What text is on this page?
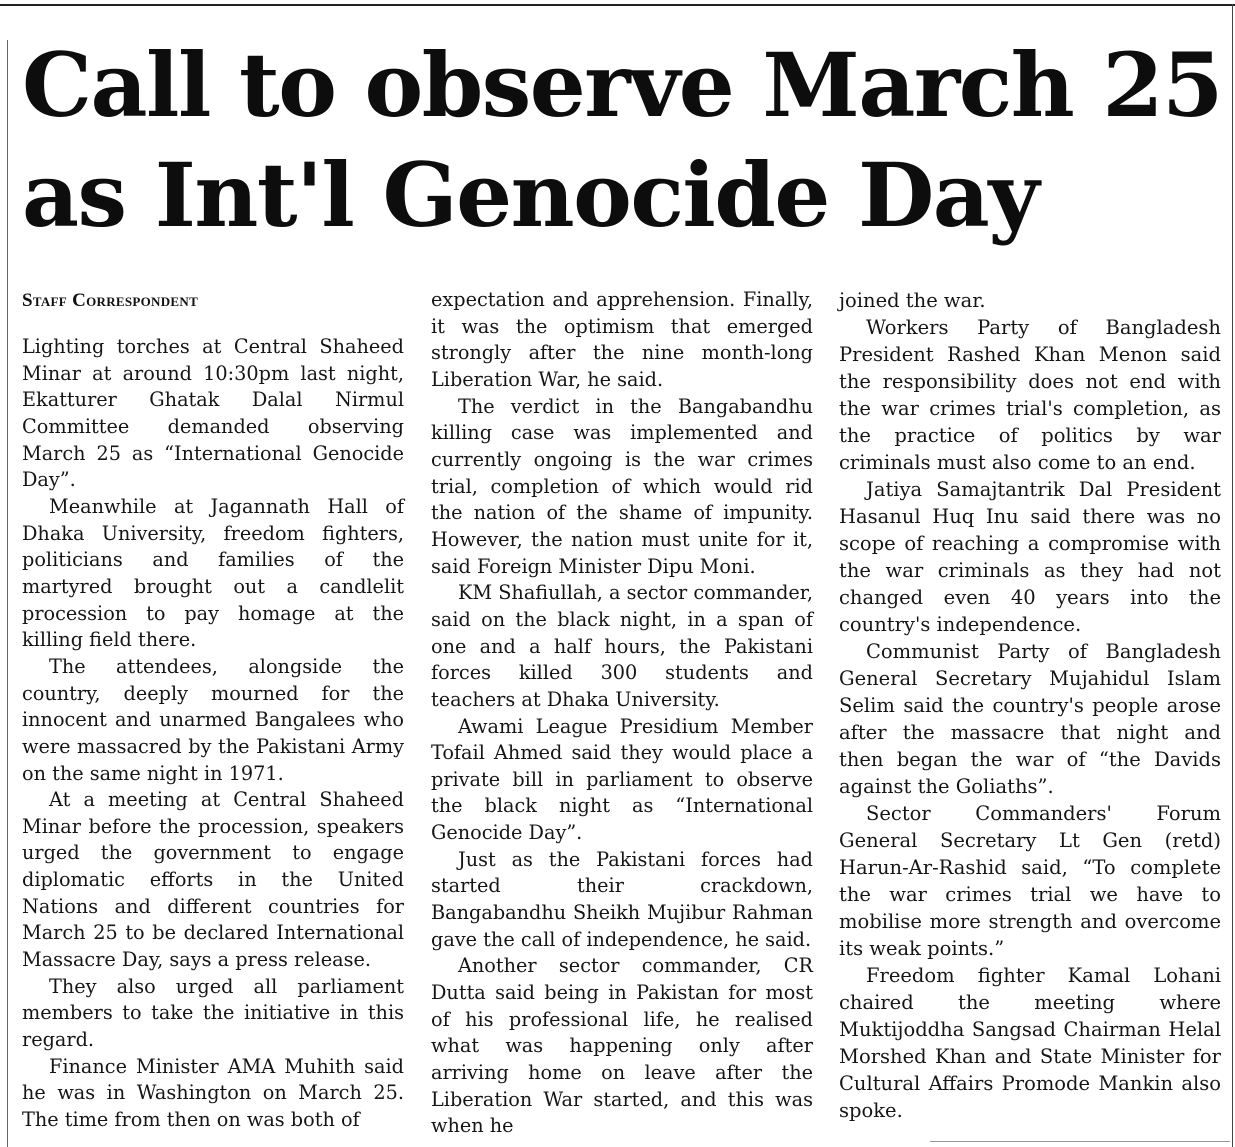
Call to observe March 25 as Int'l Genocide Day
Staff Correspondent

Lighting torches at Central Shaheed Minar at around 10:30pm last night, Ekatturer Ghatak Dalal Nirmul Committee demanded observing March 25 as “International Genocide Day”.

Meanwhile at Jagannath Hall of Dhaka University, freedom fighters, politicians and families of the martyred brought out a candlelit procession to pay homage at the killing field there.

The attendees, alongside the country, deeply mourned for the innocent and unarmed Bangalees who were massacred by the Pakistani Army on the same night in 1971.

At a meeting at Central Shaheed Minar before the procession, speakers urged the government to engage diplomatic efforts in the United Nations and different countries for March 25 to be declared International Massacre Day, says a press release.

They also urged all parliament members to take the initiative in this regard.

Finance Minister AMA Muhith said he was in Washington on March 25. The time from then on was both of

expectation and apprehension. Finally, it was the optimism that emerged strongly after the nine month-long Liberation War, he said.

The verdict in the Bangabandhu killing case was implemented and currently ongoing is the war crimes trial, completion of which would rid the nation of the shame of impunity. However, the nation must unite for it, said Foreign Minister Dipu Moni.

KM Shafiullah, a sector commander, said on the black night, in a span of one and a half hours, the Pakistani forces killed 300 students and teachers at Dhaka University.

Awami League Presidium Member Tofail Ahmed said they would place a private bill in parliament to observe the black night as “International Genocide Day”.

Just as the Pakistani forces had started their crackdown, Bangabandhu Sheikh Mujibur Rahman gave the call of independence, he said.

Another sector commander, CR Dutta said being in Pakistan for most of his professional life, he realised what was happening only after arriving home on leave after the Liberation War started, and this was when he

joined the war.

Workers Party of Bangladesh President Rashed Khan Menon said the responsibility does not end with the war crimes trial's completion, as the practice of politics by war criminals must also come to an end.

Jatiya Samajtantrik Dal President Hasanul Huq Inu said there was no scope of reaching a compromise with the war criminals as they had not changed even 40 years into the country's independence.

Communist Party of Bangladesh General Secretary Mujahidul Islam Selim said the country's people arose after the massacre that night and then began the war of “the Davids against the Goliaths”.

Sector Commanders' Forum General Secretary Lt Gen (retd) Harun-Ar-Rashid said, “To complete the war crimes trial we have to mobilise more strength and overcome its weak points.”

Freedom fighter Kamal Lohani chaired the meeting where Muktijoddha Sangsad Chairman Helal Morshed Khan and State Minister for Cultural Affairs Promode Mankin also spoke.
